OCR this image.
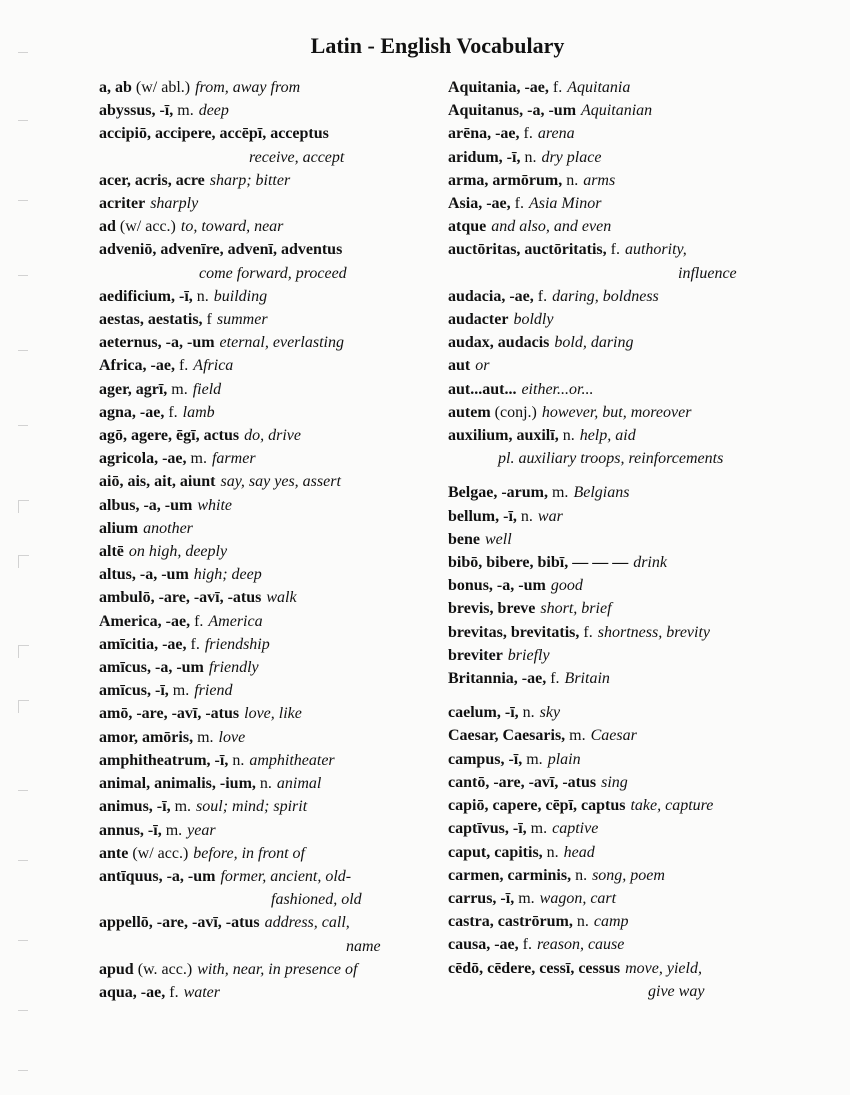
Latin - English Vocabulary
a, ab (w/ abl.) from, away from
abyssus, -ī, m. deep
accipiō, accipere, accēpī, acceptus
receive, accept
acer, acris, acre sharp; bitter
acriter sharply
ad (w/ acc.) to, toward, near
adveniō, advenīre, advenī, adventus
come forward, proceed
aedificium, -ī, n. building
aestas, aestatis, f summer
aeternus, -a, -um eternal, everlasting
Africa, -ae, f. Africa
ager, agrī, m. field
agna, -ae, f. lamb
agō, agere, ēgī, actus do, drive
agricola, -ae, m. farmer
aiō, ais, ait, aiunt say, say yes, assert
albus, -a, -um white
alium another
altē on high, deeply
altus, -a, -um high; deep
ambulō, -are, -avī, -atus walk
America, -ae, f. America
amīcitia, -ae, f. friendship
amīcus, -a, -um friendly
amīcus, -ī, m. friend
amō, -are, -avī, -atus love, like
amor, amōris, m. love
amphitheatrum, -ī, n. amphitheater
animal, animalis, -ium, n. animal
animus, -ī, m. soul; mind; spirit
annus, -ī, m. year
ante (w/ acc.) before, in front of
antīquus, -a, -um former, ancient, old-
fashioned, old
appellō, -are, -avī, -atus address, call,
name
apud (w. acc.) with, near, in presence of
aqua, -ae, f. water
Aquitania, -ae, f. Aquitania
Aquitanus, -a, -um Aquitanian
arēna, -ae, f. arena
aridum, -ī, n. dry place
arma, armōrum, n. arms
Asia, -ae, f. Asia Minor
atque and also, and even
auctōritas, auctōritatis, f. authority,
influence
audacia, -ae, f. daring, boldness
audacter boldly
audax, audacis bold, daring
aut or
aut...aut... either...or...
autem (conj.) however, but, moreover
auxilium, auxilī, n. help, aid
pl. auxiliary troops, reinforcements
Belgae, -arum, m. Belgians
bellum, -ī, n. war
bene well
bibō, bibere, bibī, — — — drink
bonus, -a, -um good
brevis, breve short, brief
brevitas, brevitatis, f. shortness, brevity
breviter briefly
Britannia, -ae, f. Britain
caelum, -ī, n. sky
Caesar, Caesaris, m. Caesar
campus, -ī, m. plain
cantō, -are, -avī, -atus sing
capiō, capere, cēpī, captus take, capture
captīvus, -ī, m. captive
caput, capitis, n. head
carmen, carminis, n. song, poem
carrus, -ī, m. wagon, cart
castra, castrōrum, n. camp
causa, -ae, f. reason, cause
cēdō, cēdere, cessī, cessus move, yield,
give way
